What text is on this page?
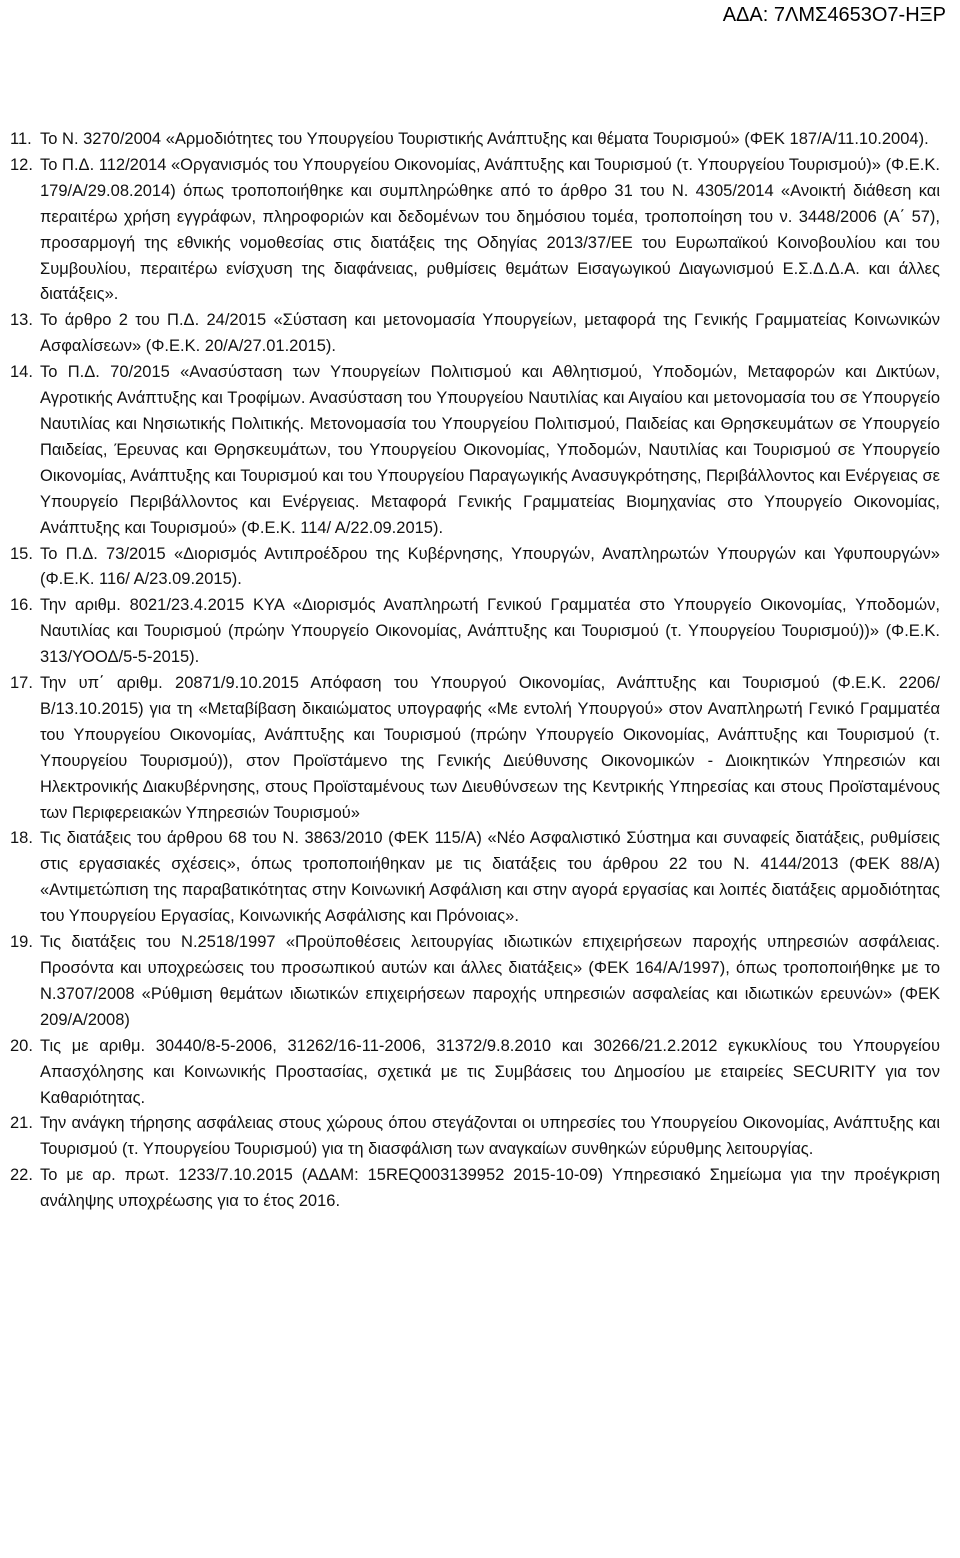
ΑΔΑ: 7ΛΜΣ4653Ο7-ΗΞΡ
11. Το Ν. 3270/2004 «Αρμοδιότητες του Υπουργείου Τουριστικής Ανάπτυξης και θέματα Τουρισμού» (ΦΕΚ 187/Α/11.10.2004).
12. Το Π.Δ. 112/2014 «Οργανισμός του Υπουργείου Οικονομίας, Ανάπτυξης και Τουρισμού (τ. Υπουργείου Τουρισμού)» (Φ.Ε.Κ. 179/Α/29.08.2014) όπως τροποποιήθηκε και συμπληρώθηκε από το άρθρο 31 του Ν. 4305/2014 «Ανοικτή διάθεση και περαιτέρω χρήση εγγράφων, πληροφοριών και δεδομένων του δημόσιου τομέα, τροποποίηση του ν. 3448/2006 (Α΄ 57), προσαρμογή της εθνικής νομοθεσίας στις διατάξεις της Οδηγίας 2013/37/ΕΕ του Ευρωπαϊκού Κοινοβουλίου και του Συμβουλίου, περαιτέρω ενίσχυση της διαφάνειας, ρυθμίσεις θεμάτων Εισαγωγικού Διαγωνισμού Ε.Σ.Δ.Δ.Α. και άλλες διατάξεις».
13. Το άρθρο 2 του Π.Δ. 24/2015 «Σύσταση και μετονομασία Υπουργείων, μεταφορά της Γενικής Γραμματείας Κοινωνικών Ασφαλίσεων» (Φ.Ε.Κ. 20/Α/27.01.2015).
14. Το Π.Δ. 70/2015 «Ανασύσταση των Υπουργείων Πολιτισμού και Αθλητισμού, Υποδομών, Μεταφορών και Δικτύων, Αγροτικής Ανάπτυξης και Τροφίμων. Ανασύσταση του Υπουργείου Ναυτιλίας και Αιγαίου και μετονομασία του σε Υπουργείο Ναυτιλίας και Νησιωτικής Πολιτικής. Μετονομασία του Υπουργείου Πολιτισμού, Παιδείας και Θρησκευμάτων σε Υπουργείο Παιδείας, Έρευνας και Θρησκευμάτων, του Υπουργείου Οικονομίας, Υποδομών, Ναυτιλίας και Τουρισμού σε Υπουργείο Οικονομίας, Ανάπτυξης και Τουρισμού και του Υπουργείου Παραγωγικής Ανασυγκρότησης, Περιβάλλοντος και Ενέργειας σε Υπουργείο Περιβάλλοντος και Ενέργειας. Μεταφορά Γενικής Γραμματείας Βιομηχανίας στο Υπουργείο Οικονομίας, Ανάπτυξης και Τουρισμού» (Φ.Ε.Κ. 114/ Α/22.09.2015).
15. Το Π.Δ. 73/2015 «Διορισμός Αντιπροέδρου της Κυβέρνησης, Υπουργών, Αναπληρωτών Υπουργών και Υφυπουργών» (Φ.Ε.Κ. 116/ Α/23.09.2015).
16. Την αριθμ. 8021/23.4.2015 ΚΥΑ «Διορισμός Αναπληρωτή Γενικού Γραμματέα στο Υπουργείο Οικονομίας, Υποδομών, Ναυτιλίας και Τουρισμού (πρώην Υπουργείο Οικονομίας, Ανάπτυξης και Τουρισμού (τ. Υπουργείου Τουρισμού))» (Φ.Ε.Κ. 313/ΥΟΟΔ/5-5-2015).
17. Την υπ΄ αριθμ. 20871/9.10.2015 Απόφαση του Υπουργού Οικονομίας, Ανάπτυξης και Τουρισμού (Φ.Ε.Κ. 2206/Β/13.10.2015) για τη «Μεταβίβαση δικαιώματος υπογραφής «Με εντολή Υπουργού» στον Αναπληρωτή Γενικό Γραμματέα του Υπουργείου Οικονομίας, Ανάπτυξης και Τουρισμού (πρώην Υπουργείο Οικονομίας, Ανάπτυξης και Τουρισμού (τ. Υπουργείου Τουρισμού)), στον Προϊστάμενο της Γενικής Διεύθυνσης Οικονομικών - Διοικητικών Υπηρεσιών και Ηλεκτρονικής Διακυβέρνησης, στους Προϊσταμένους των Διευθύνσεων της Κεντρικής Υπηρεσίας και στους Προϊσταμένους των Περιφερειακών Υπηρεσιών Τουρισμού»
18. Τις διατάξεις του άρθρου 68 του Ν. 3863/2010 (ΦΕΚ 115/Α) «Νέο Ασφαλιστικό Σύστημα και συναφείς διατάξεις, ρυθμίσεις στις εργασιακές σχέσεις», όπως τροποποιήθηκαν με τις διατάξεις του άρθρου 22 του Ν. 4144/2013 (ΦΕΚ 88/Α) «Αντιμετώπιση της παραβατικότητας στην Κοινωνική Ασφάλιση και στην αγορά εργασίας και λοιπές διατάξεις αρμοδιότητας του Υπουργείου Εργασίας, Κοινωνικής Ασφάλισης και Πρόνοιας».
19. Τις διατάξεις του Ν.2518/1997 «Προϋποθέσεις λειτουργίας ιδιωτικών επιχειρήσεων παροχής υπηρεσιών ασφάλειας. Προσόντα και υποχρεώσεις του προσωπικού αυτών και άλλες διατάξεις» (ΦΕΚ 164/Α/1997), όπως τροποποιήθηκε με το Ν.3707/2008 «Ρύθμιση θεμάτων ιδιωτικών επιχειρήσεων παροχής υπηρεσιών ασφαλείας και ιδιωτικών ερευνών» (ΦΕΚ 209/Α/2008)
20. Τις με αριθμ. 30440/8-5-2006, 31262/16-11-2006, 31372/9.8.2010 και 30266/21.2.2012 εγκυκλίους του Υπουργείου Απασχόλησης και Κοινωνικής Προστασίας, σχετικά με τις Συμβάσεις του Δημοσίου με εταιρείες SECURITY για τον Καθαριότητας.
21. Την ανάγκη τήρησης ασφάλειας στους χώρους όπου στεγάζονται οι υπηρεσίες του Υπουργείου Οικονομίας, Ανάπτυξης και Τουρισμού (τ. Υπουργείου Τουρισμού) για τη διασφάλιση των αναγκαίων συνθηκών εύρυθμης λειτουργίας.
22. Το με αρ. πρωτ. 1233/7.10.2015 (ΑΔΑΜ: 15REQ003139952 2015-10-09) Υπηρεσιακό Σημείωμα για την προέγκριση ανάληψης υποχρέωσης για το έτος 2016.
